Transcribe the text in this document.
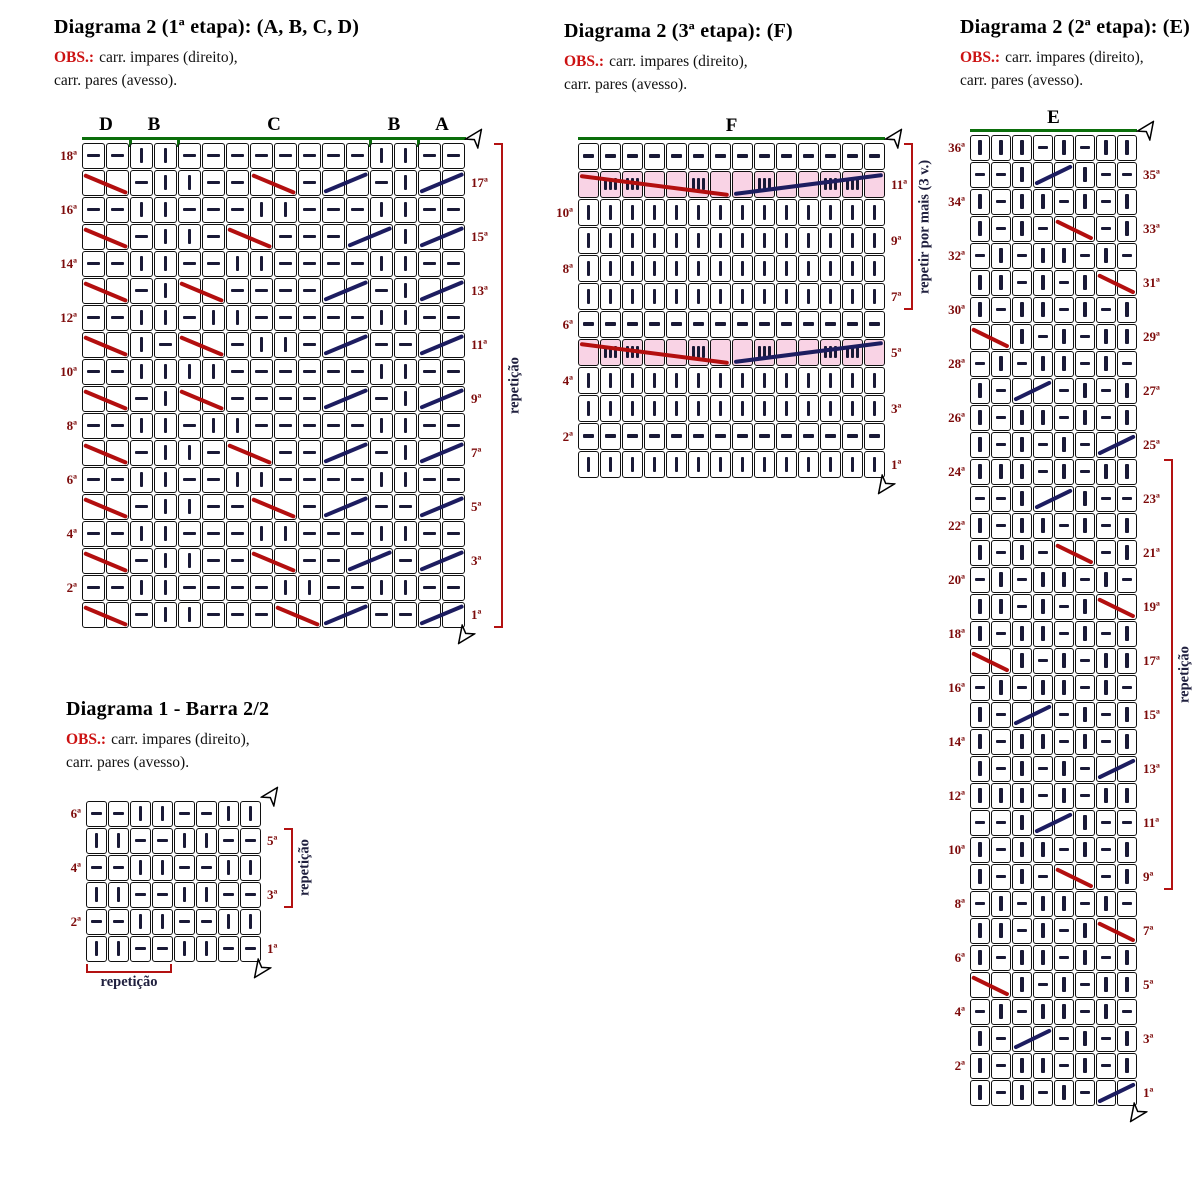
Diagrama 2 (1ª etapa): (A, B, C, D)

OBS.: carr. impares (direito),
carr. pares (avesso).

D	B	C	B	A
18ª
16ª
14ª
12ª
10ª
8ª
6ª
4ª
2ª
17ª
15ª
13ª
11ª
9ª
7ª
5ª
3ª
1ª
repetição
Diagrama 2 (3ª etapa): (F)

OBS.: carr. impares (direito),
carr. pares (avesso).

F
10ª
8ª
6ª
4ª
2ª
11ª
9ª
7ª
5ª
3ª
1ª
repetir por mais (3 v.)
Diagrama 2 (2ª etapa): (E)

OBS.: carr. impares (direito),
carr. pares (avesso).

E
36ª
34ª
32ª
30ª
28ª
26ª
24ª
22ª
20ª
18ª
16ª
14ª
12ª
10ª
8ª
6ª
4ª
2ª
35ª
33ª
31ª
29ª
27ª
25ª
23ª
21ª
19ª
17ª
15ª
13ª
11ª
9ª
7ª
5ª
3ª
1ª
repetição
Diagrama 1 - Barra 2/2

OBS.: carr. impares (direito),
carr. pares (avesso).

6ª
4ª
2ª
5ª
3ª
1ª
repetição
repetição
